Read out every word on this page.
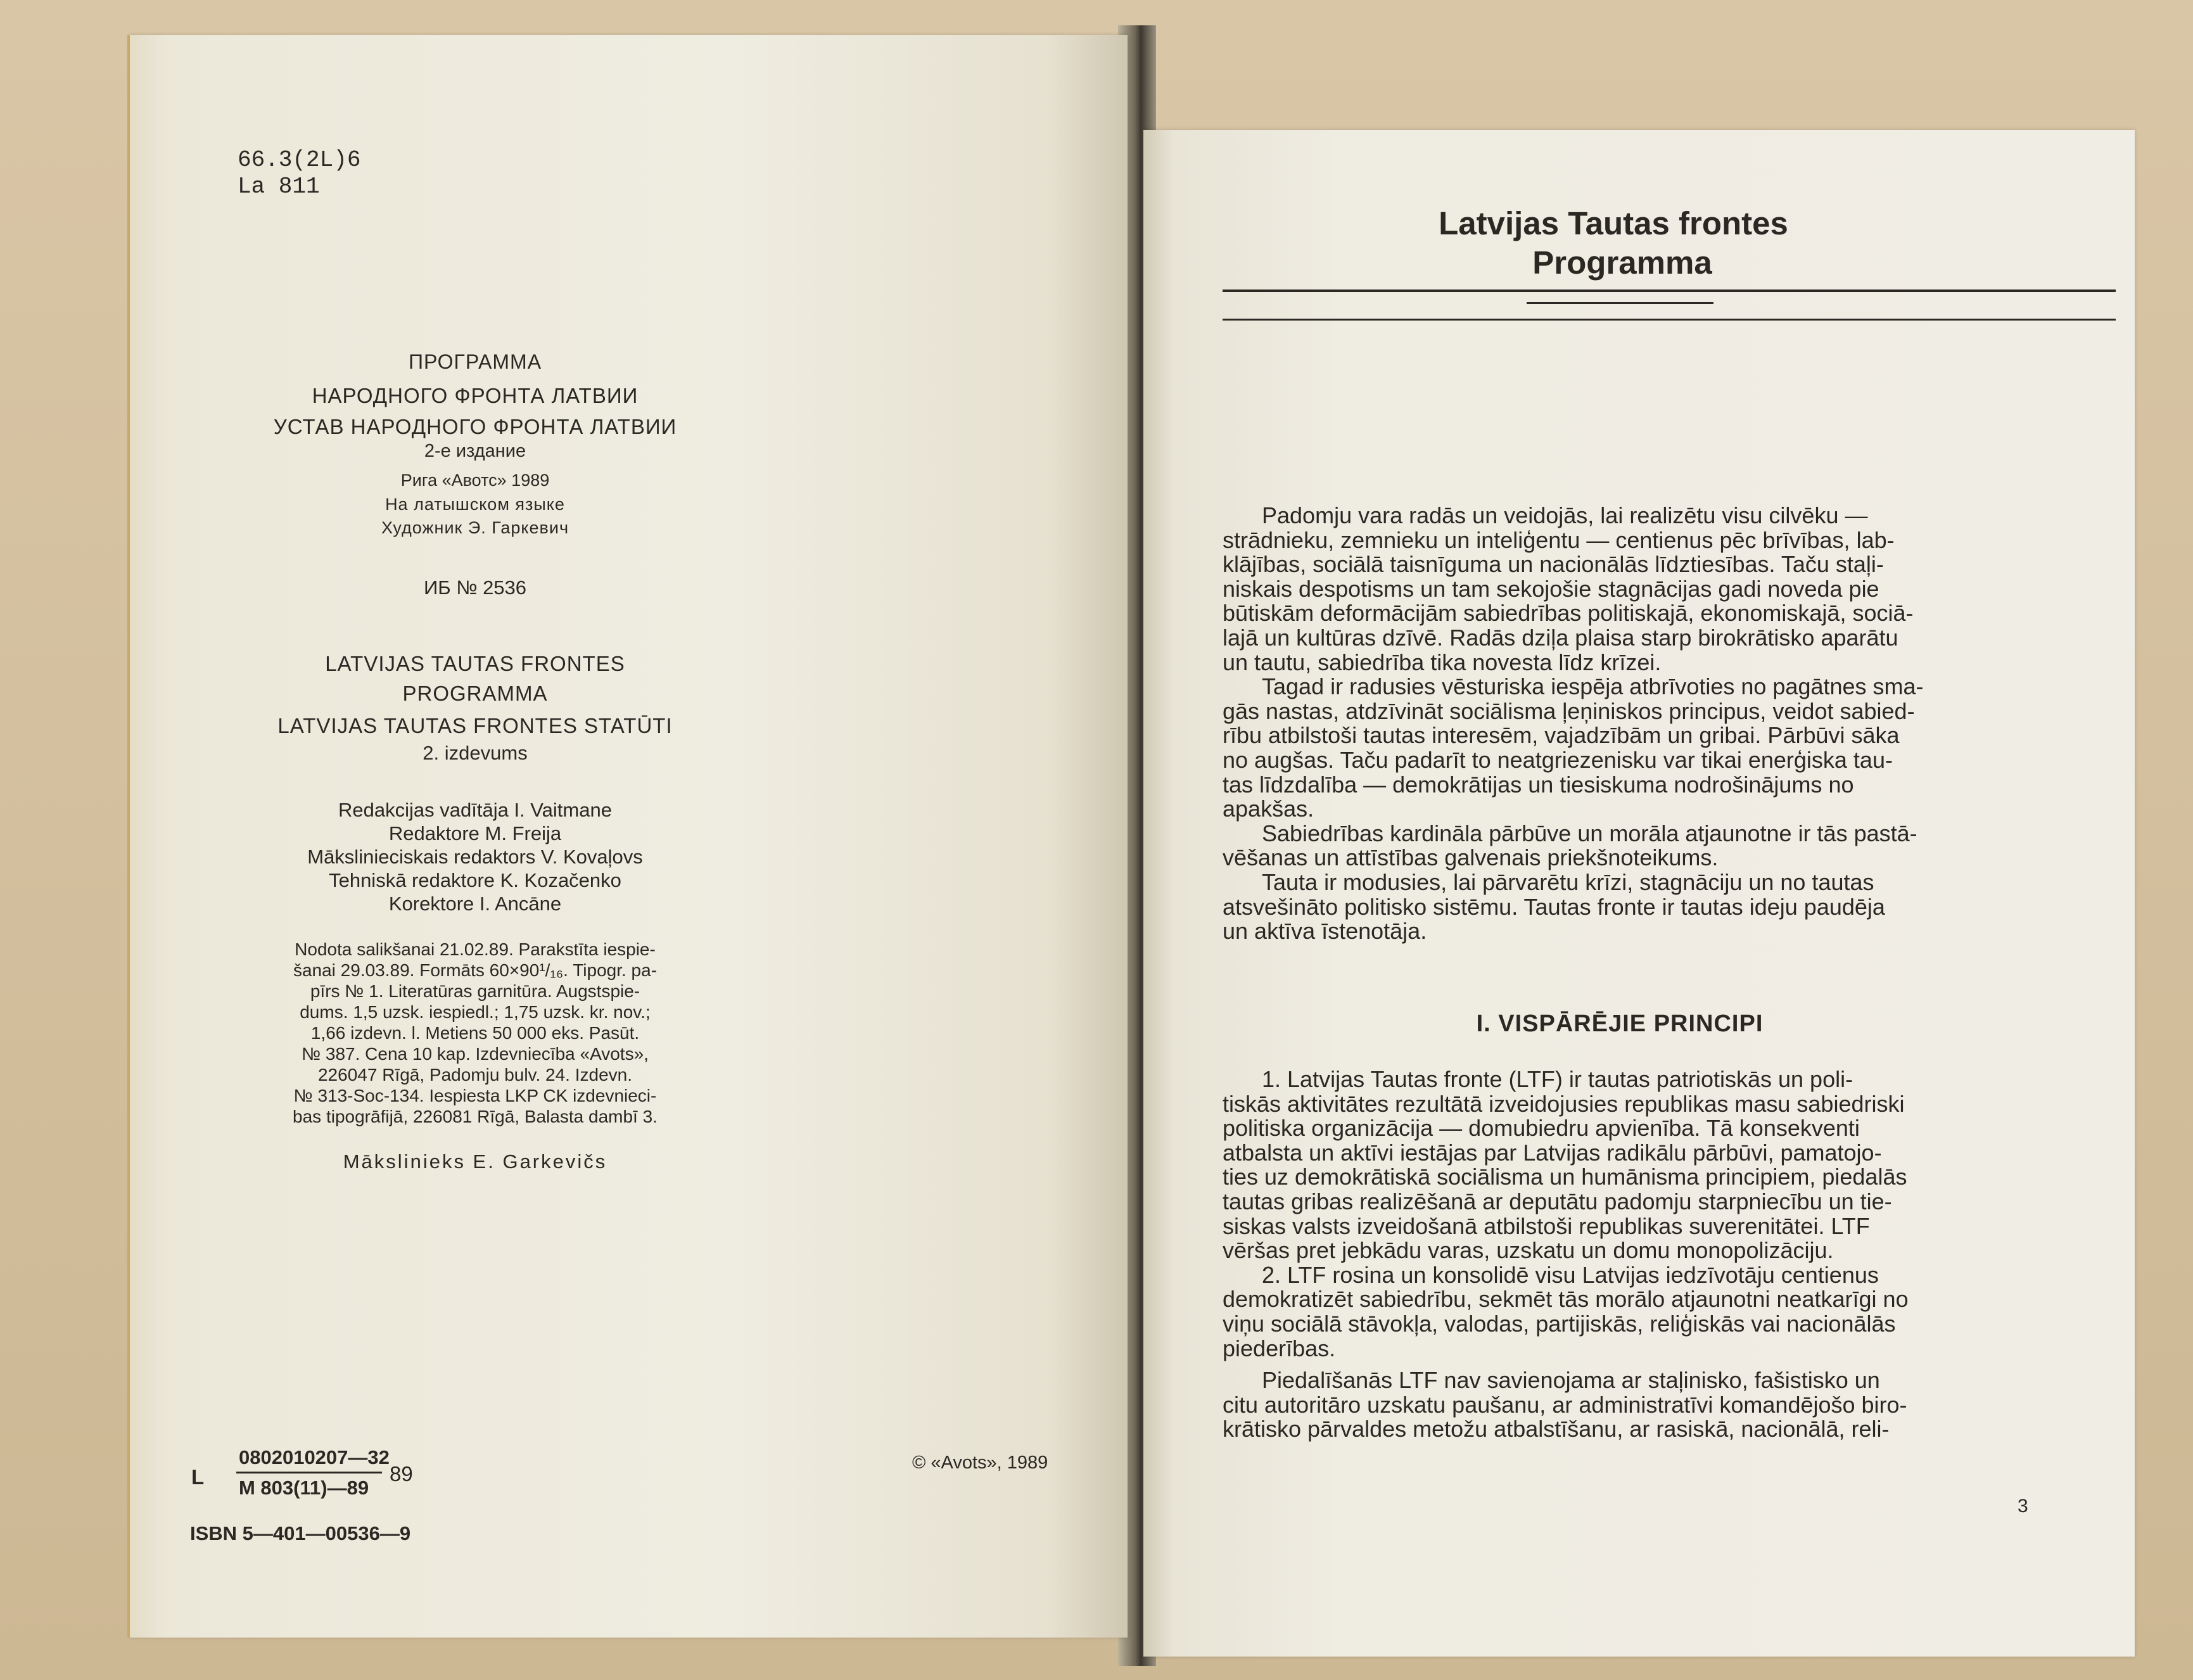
66.3(2L)6
La 811
ПРОГРАММА
НАРОДНОГО ФРОНТА ЛАТВИИ
УСТАВ НАРОДНОГО ФРОНТА ЛАТВИИ
2-е издание
Рига «Авотс» 1989
На латышском языке
Художник Э. Гаркевич
ИБ № 2536
LATVIJAS TAUTAS FRONTES
PROGRAMMA
LATVIJAS TAUTAS FRONTES STATŪTI
2. izdevums
Redakcijas vadītāja I. Vaitmane
Redaktore M. Freija
Mākslinieciskais redaktors V. Kovaļovs
Tehniskā redaktore K. Kozačenko
Korektore I. Ancāne
Nodota salikšanai 21.02.89. Parakstīta iespie-
šanai 29.03.89. Formāts 60×90¹/₁₆. Tipogr. pa-
pīrs № 1. Literatūras garnitūra. Augstspie-
dums. 1,5 uzsk. iespiedl.; 1,75 uzsk. kr. nov.;
1,66 izdevn. l. Metiens 50 000 eks. Pasūt.
№ 387. Cena 10 kap. Izdevniecība «Avots»,
226047 Rīgā, Padomju bulv. 24. Izdevn.
№ 313-Soc-134. Iespiesta LKP CK izdevnieci-
bas tipogrāfijā, 226081 Rīgā, Balasta dambī 3.
Mākslinieks E. Garkevičs
L
0802010207—32
M 803(11)—89
89	© «Avots», 1989
ISBN 5—401—00536—9
Latvijas Tautas frontes
Programma
Padomju vara radās un veidojās, lai realizētu visu cilvēku —
strādnieku, zemnieku un inteliģentu — centienus pēc brīvības, lab-
klājības, sociālā taisnīguma un nacionālās līdztiesības. Taču staļi-
niskais despotisms un tam sekojošie stagnācijas gadi noveda pie
būtiskām deformācijām sabiedrības politiskajā, ekonomiskajā, sociā-
lajā un kultūras dzīvē. Radās dziļa plaisa starp birokrātisko aparātu
un tautu, sabiedrība tika novesta līdz krīzei.
Tagad ir radusies vēsturiska iespēja atbrīvoties no pagātnes sma-
gās nastas, atdzīvināt sociālisma ļeņiniskos principus, veidot sabied-
rību atbilstoši tautas interesēm, vajadzībām un gribai. Pārbūvi sāka
no augšas. Taču padarīt to neatgriezenisku var tikai enerģiska tau-
tas līdzdalība — demokrātijas un tiesiskuma nodrošinājums no
apakšas.
Sabiedrības kardināla pārbūve un morāla atjaunotne ir tās pastā-
vēšanas un attīstības galvenais priekšnoteikums.
Tauta ir modusies, lai pārvarētu krīzi, stagnāciju un no tautas
atsvešināto politisko sistēmu. Tautas fronte ir tautas ideju paudēja
un aktīva īstenotāja.
I. VISPĀRĒJIE PRINCIPI
1. Latvijas Tautas fronte (LTF) ir tautas patriotiskās un poli-
tiskās aktivitātes rezultātā izveidojusies republikas masu sabiedriski
politiska organizācija — domubiedru apvienība. Tā konsekventi
atbalsta un aktīvi iestājas par Latvijas radikālu pārbūvi, pamatojo-
ties uz demokrātiskā sociālisma un humānisma principiem, piedalās
tautas gribas realizēšanā ar deputātu padomju starpniecību un tie-
siskas valsts izveidošanā atbilstoši republikas suverenitātei. LTF
vēršas pret jebkādu varas, uzskatu un domu monopolizāciju.
2. LTF rosina un konsolidē visu Latvijas iedzīvotāju centienus
demokratizēt sabiedrību, sekmēt tās morālo atjaunotni neatkarīgi no
viņu sociālā stāvokļa, valodas, partijiskās, reliģiskās vai nacionālās
piederības.
Piedalīšanās LTF nav savienojama ar staļinisko, fašistisko un
citu autoritāro uzskatu paušanu, ar administratīvi komandējošo biro-
krātisko pārvaldes metožu atbalstīšanu, ar rasiskā, nacionālā, reli-
3
